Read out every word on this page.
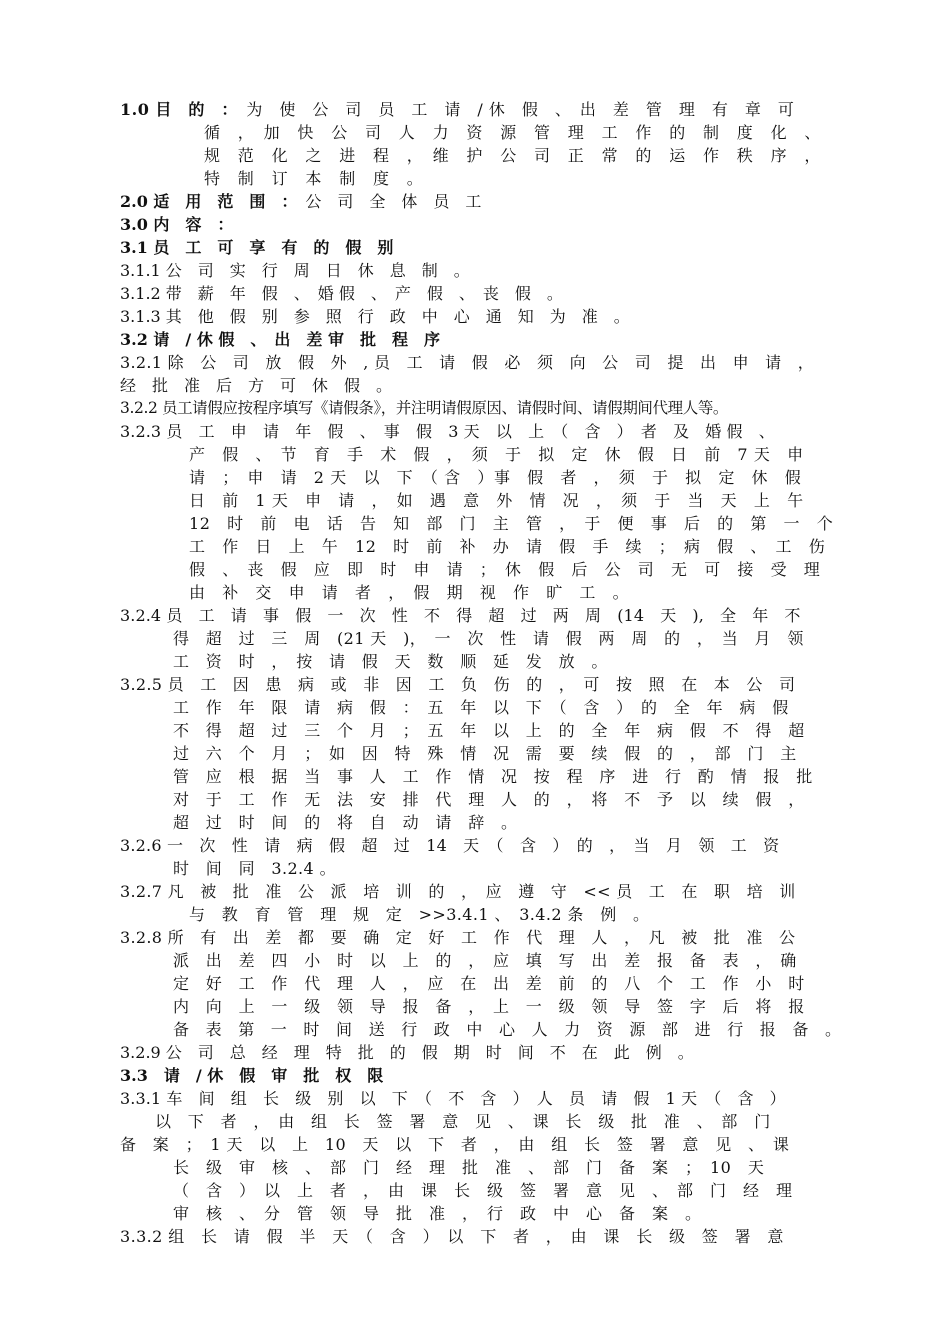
1.0 目　的　：　为　使　公　司　员　工　请　/ 休　假　、　出　差　管　理　有　章　可
循　，　加　快　公　司　人　力　资　源　管　理　工　作　的　制　度　化　、
规　范　化　之　进　程　，　维　护　公　司　正　常　的　运　作　秩　序　，
特　制　订　本　制　度　。
2.0 适　用　范　围　：　公　司　全　体　员　工
3.0 内　容　：
3.1 员　工　可　享　有　的　假　别
3.1.1 公　司　实　行　周　日　休　息　制　。
3.1.2 带　薪　年　假　、　婚 假　、　产　假　、　丧　假　。
3.1.3 其　他　假　别　参　照　行　政　中　心　通　知　为　准　。
3.2 请　/ 休 假　、　出　差 审　批　程　序
3.2.1 除　公　司　放　假　外　, 员　工　请　假　必　须　向　公　司　提　出　申　请　，
经　批　准　后　方　可　休　假　。
3.2.2 员工请假应按程序填写《请假条》，并注明请假原因、请假时间、请假期间代理人等。
3.2.3 员　工　申　请　年　假　、　事　假　3 天　以　上　（　含　）　者　及　婚 假　、
产　假　、　节　育　手　术　假　，　须　于　拟　定　休　假　日　前　7 天　申
请　；　申　请　2 天　以　下　（ 含　）事　假　者　，　须　于　拟　定　休　假
日　前　1 天　申　请　，　如　遇　意　外　情　况　，　须　于　当　天　上　午
12　时　前　电　话　告　知　部　门　主　管　，　于　便　事　后　的　第　一　个
工　作　日　上　午　12　时　前　补　办　请　假　手　续　；　病　假　、　工　伤
假　、　丧　假　应　即　时　申　请　；　休　假　后　公　司　无　可　接　受　理
由　补　交　申　请　者　，　假　期　视　作　旷　工　。
3.2.4 员　工　请　事　假　一　次　性　不　得　超　过　两　周　(14　天　),　全　年　不
得　超　过　三　周　(21 天　)，　一　次　性　请　假　两　周　的　，　当　月　领
工　资　时　，　按　请　假　天　数　顺　延　发　放　。
3.2.5 员　工　因　患　病　或　非　因　工　负　伤　的　，　可　按　照　在　本　公　司
工　作　年　限　请　病　假　：　五　年　以　下　（　含　）　的　全　年　病　假
不　得　超　过　三　个　月　；　五　年　以　上　的　全　年　病　假　不　得　超
过　六　个　月　；　如　因　特　殊　情　况　需　要　续　假　的　，　部　门　主
管　应　根　据　当　事　人　工　作　情　况　按　程　序　进　行　酌　情　报　批
对　于　工　作　无　法　安　排　代　理　人　的　，　将　不　予　以　续　假　，
超　过　时　间　的　将　自　动　请　辞　。
3.2.6 一　次　性　请　病　假　超　过　14　天　（　含　）　的　，　当　月　领　工　资
时　间　同　3.2.4 。
3.2.7 凡　被　批　准　公　派　培　训　的　，　应　遵　守　<< 员　工　在　职　培　训
与　教　育　管　理　规　定　>>3.4.1 、　3.4.2 条　例　。
3.2.8 所　有　出　差　都　要　确　定　好　工　作　代　理　人　，　凡　被　批　准　公
派　出　差　四　小　时　以　上　的　，　应　填　写　出　差　报　备　表　，　确
定　好　工　作　代　理　人　，　应　在　出　差　前　的　八　个　工　作　小　时
内　向　上　一　级　领　导　报　备　，　上　一　级　领　导　签　字　后　将　报
备　表　第　一　时　间　送　行　政　中　心　人　力　资　源　部　进　行　报　备　。
3.2.9 公　司　总　经　理　特　批　的　假　期　时　间　不　在　此　例　。
3.3　请　/ 休　假　审　批　权　限
3.3.1 车　间　组　长　级　别　以　下　（　不　含　）　人　员　请　假　1 天　（　含　）
以　下　者　，　由　组　长　签　署　意　见　、　课　长　级　批　准　、　部　门
备　案　；　1 天　以　上　10　天　以　下　者　，　由　组　长　签　署　意　见　、　课
长　级　审　核　、　部　门　经　理　批　准　、　部　门　备　案　；　10　天
（　含　）　以　上　者　，　由　课　长　级　签　署　意　见　、　部　门　经　理
审　核　、　分　管　领　导　批　准　，　行　政　中　心　备　案　。
3.3.2 组　长　请　假　半　天　（　含　）　以　下　者　，　由　课　长　级　签　署　意
